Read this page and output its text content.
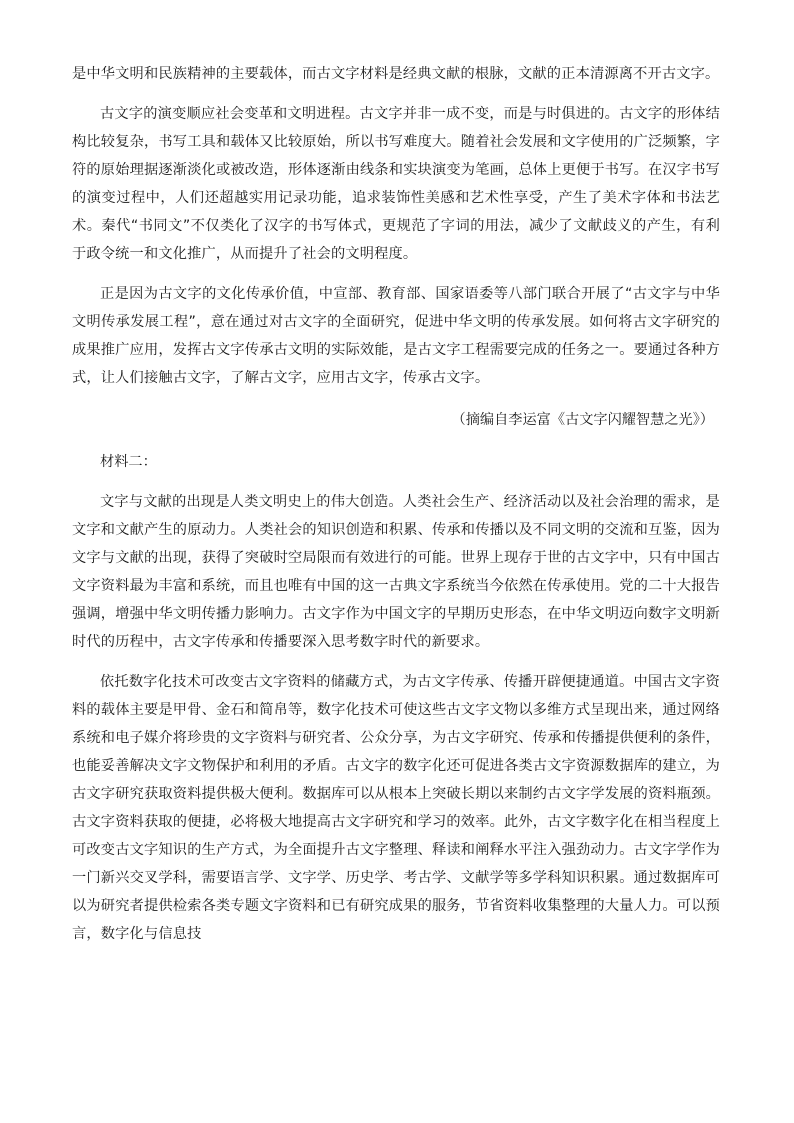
是中华文明和民族精神的主要载体，而古文字材料是经典文献的根脉，文献的正本清源离不开古文字。

古文字的演变顺应社会变革和文明进程。古文字并非一成不变，而是与时俱进的。古文字的形体结构比较复杂，书写工具和载体又比较原始，所以书写难度大。随着社会发展和文字使用的广泛频繁，字符的原始理据逐渐淡化或被改造，形体逐渐由线条和实块演变为笔画，总体上更便于书写。在汉字书写的演变过程中，人们还超越实用记录功能，追求装饰性美感和艺术性享受，产生了美术字体和书法艺术。秦代“书同文”不仅类化了汉字的书写体式，更规范了字词的用法，减少了文献歧义的产生，有利于政令统一和文化推广，从而提升了社会的文明程度。

正是因为古文字的文化传承价值，中宣部、教育部、国家语委等八部门联合开展了“古文字与中华文明传承发展工程”，意在通过对古文字的全面研究，促进中华文明的传承发展。如何将古文字研究的成果推广应用，发挥古文字传承古文明的实际效能，是古文字工程需要完成的任务之一。要通过各种方式，让人们接触古文字，了解古文字，应用古文字，传承古文字。

（摘编自李运富《古文字闪耀智慧之光》）

材料二：

文字与文献的出现是人类文明史上的伟大创造。人类社会生产、经济活动以及社会治理的需求，是文字和文献产生的原动力。人类社会的知识创造和积累、传承和传播以及不同文明的交流和互鉴，因为文字与文献的出现，获得了突破时空局限而有效进行的可能。世界上现存于世的古文字中，只有中国古文字资料最为丰富和系统，而且也唯有中国的这一古典文字系统当今依然在传承使用。党的二十大报告强调，增强中华文明传播力影响力。古文字作为中国文字的早期历史形态，在中华文明迈向数字文明新时代的历程中，古文字传承和传播要深入思考数字时代的新要求。

依托数字化技术可改变古文字资料的储藏方式，为古文字传承、传播开辟便捷通道。中国古文字资料的载体主要是甲骨、金石和简帛等，数字化技术可使这些古文字文物以多维方式呈现出来，通过网络系统和电子媒介将珍贵的文字资料与研究者、公众分享，为古文字研究、传承和传播提供便利的条件，也能妥善解决文字文物保护和利用的矛盾。古文字的数字化还可促进各类古文字资源数据库的建立，为古文字研究获取资料提供极大便利。数据库可以从根本上突破长期以来制约古文字学发展的资料瓶颈。古文字资料获取的便捷，必将极大地提高古文字研究和学习的效率。此外，古文字数字化在相当程度上可改变古文字知识的生产方式，为全面提升古文字整理、释读和阐释水平注入强劲动力。古文字学作为一门新兴交叉学科，需要语言学、文字学、历史学、考古学、文献学等多学科知识积累。通过数据库可以为研究者提供检索各类专题文字资料和已有研究成果的服务，节省资料收集整理的大量人力。可以预言，数字化与信息技
